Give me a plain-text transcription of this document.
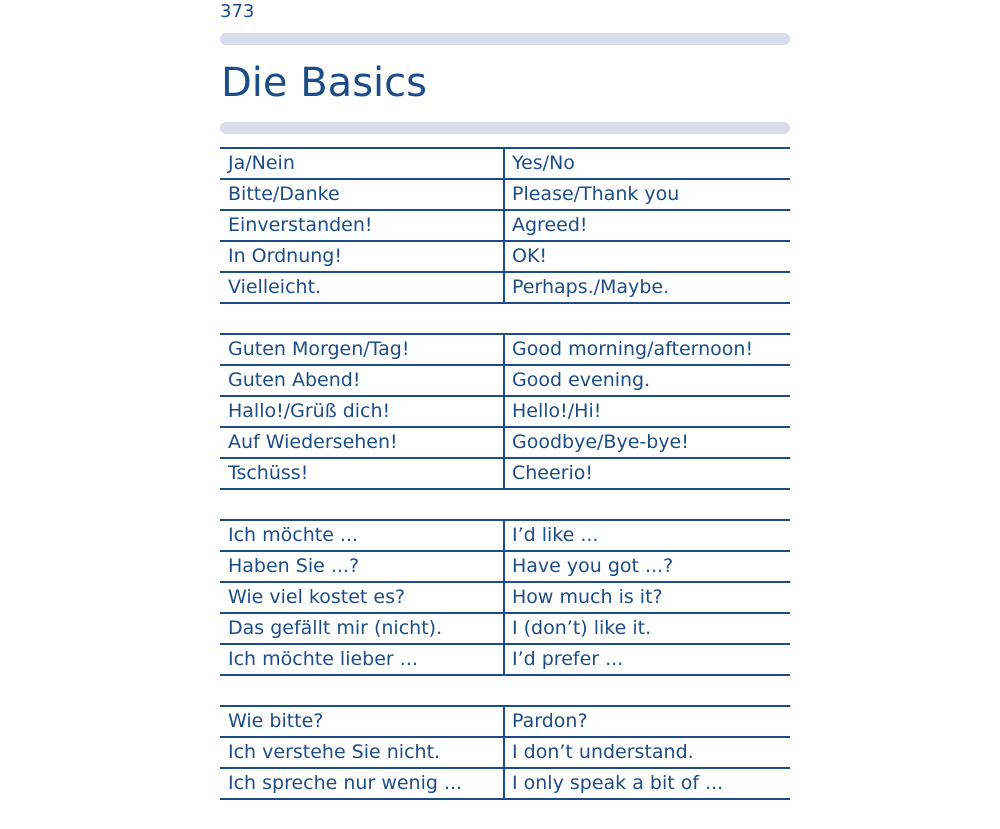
373
Die Basics
Ja/Nein	Yes/No
Bitte/Danke	Please/Thank you
Einverstanden!	Agreed!
In Ordnung!	OK!
Vielleicht.	Perhaps./Maybe.
Guten Morgen/Tag!	Good morning/afternoon!
Guten Abend!	Good evening.
Hallo!/Grüß dich!	Hello!/Hi!
Auf Wiedersehen!	Goodbye/Bye-bye!
Tschüss!	Cheerio!
Ich möchte ...	I’d like ...
Haben Sie ...?	Have you got ...?
Wie viel kostet es?	How much is it?
Das gefällt mir (nicht).	I (don’t) like it.
Ich möchte lieber ...	I’d prefer ...
Wie bitte?	Pardon?
Ich verstehe Sie nicht.	I don’t understand.
Ich spreche nur wenig ...	I only speak a bit of ...
